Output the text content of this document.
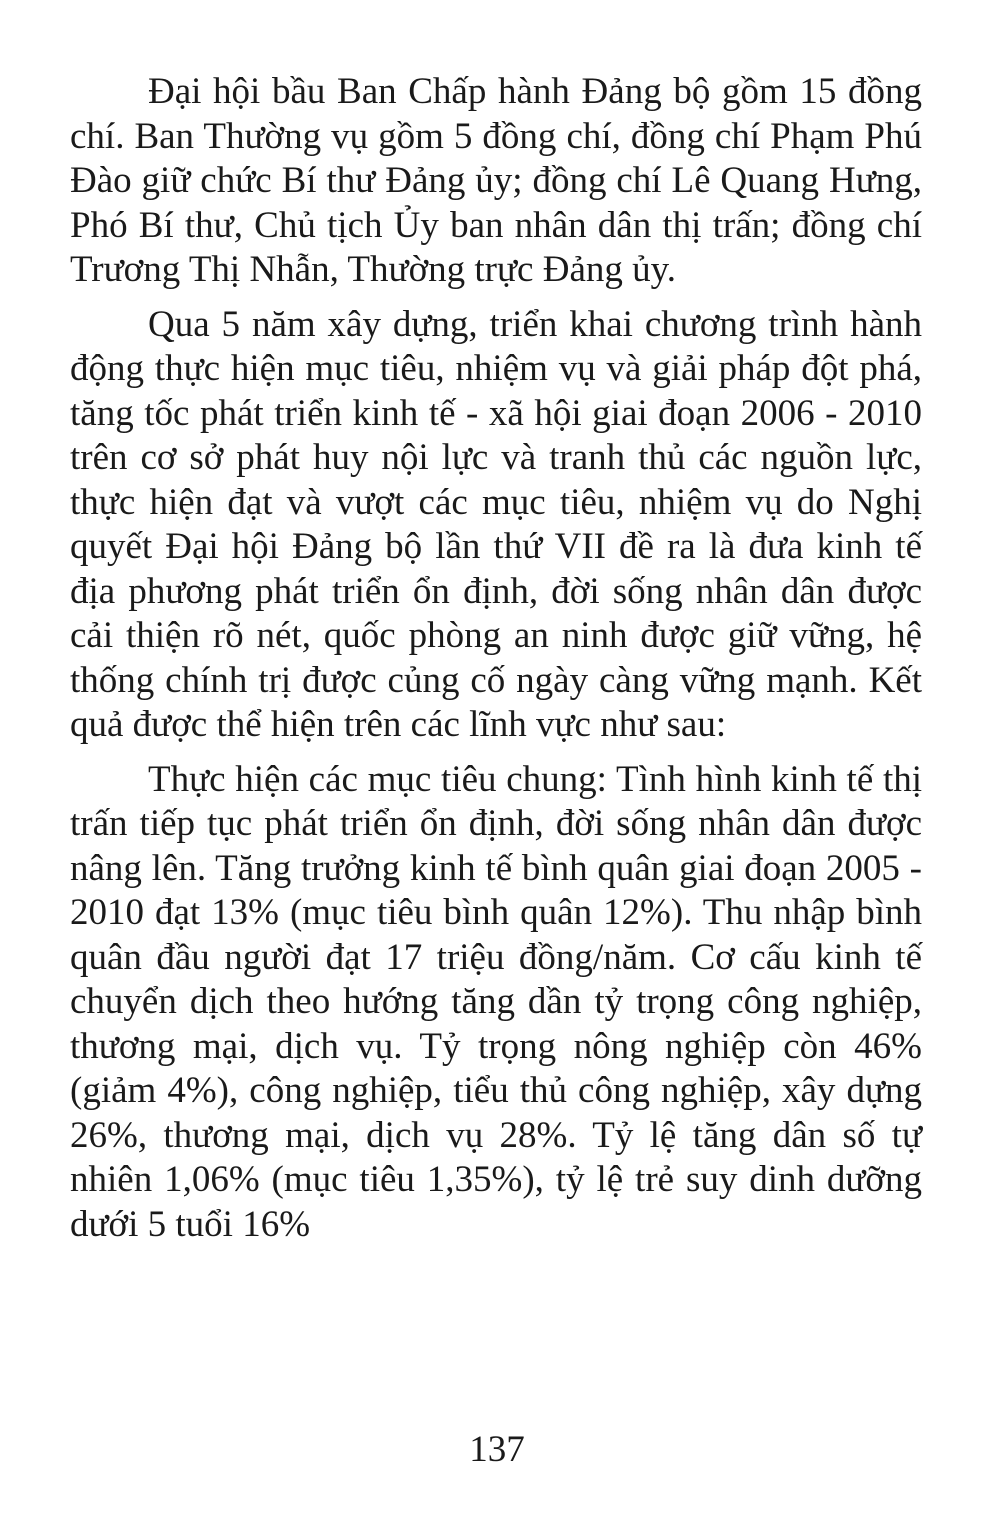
Đại hội bầu Ban Chấp hành Đảng bộ gồm 15 đồng chí. Ban Thường vụ gồm 5 đồng chí, đồng chí Phạm Phú Đào giữ chức Bí thư Đảng ủy; đồng chí Lê Quang Hưng, Phó Bí thư, Chủ tịch Ủy ban nhân dân thị trấn; đồng chí Trương Thị Nhẫn, Thường trực Đảng ủy.

Qua 5 năm xây dựng, triển khai chương trình hành động thực hiện mục tiêu, nhiệm vụ và giải pháp đột phá, tăng tốc phát triển kinh tế - xã hội giai đoạn 2006 - 2010 trên cơ sở phát huy nội lực và tranh thủ các nguồn lực, thực hiện đạt và vượt các mục tiêu, nhiệm vụ do Nghị quyết Đại hội Đảng bộ lần thứ VII đề ra là đưa kinh tế địa phương phát triển ổn định, đời sống nhân dân được cải thiện rõ nét, quốc phòng an ninh được giữ vững, hệ thống chính trị được củng cố ngày càng vững mạnh. Kết quả được thể hiện trên các lĩnh vực như sau:

Thực hiện các mục tiêu chung: Tình hình kinh tế thị trấn tiếp tục phát triển ổn định, đời sống nhân dân được nâng lên. Tăng trưởng kinh tế bình quân giai đoạn 2005 - 2010 đạt 13% (mục tiêu bình quân 12%). Thu nhập bình quân đầu người đạt 17 triệu đồng/năm. Cơ cấu kinh tế chuyển dịch theo hướng tăng dần tỷ trọng công nghiệp, thương mại, dịch vụ. Tỷ trọng nông nghiệp còn 46% (giảm 4%), công nghiệp, tiểu thủ công nghiệp, xây dựng 26%, thương mại, dịch vụ 28%. Tỷ lệ tăng dân số tự nhiên 1,06% (mục tiêu 1,35%), tỷ lệ trẻ suy dinh dưỡng dưới 5 tuổi 16%

137
